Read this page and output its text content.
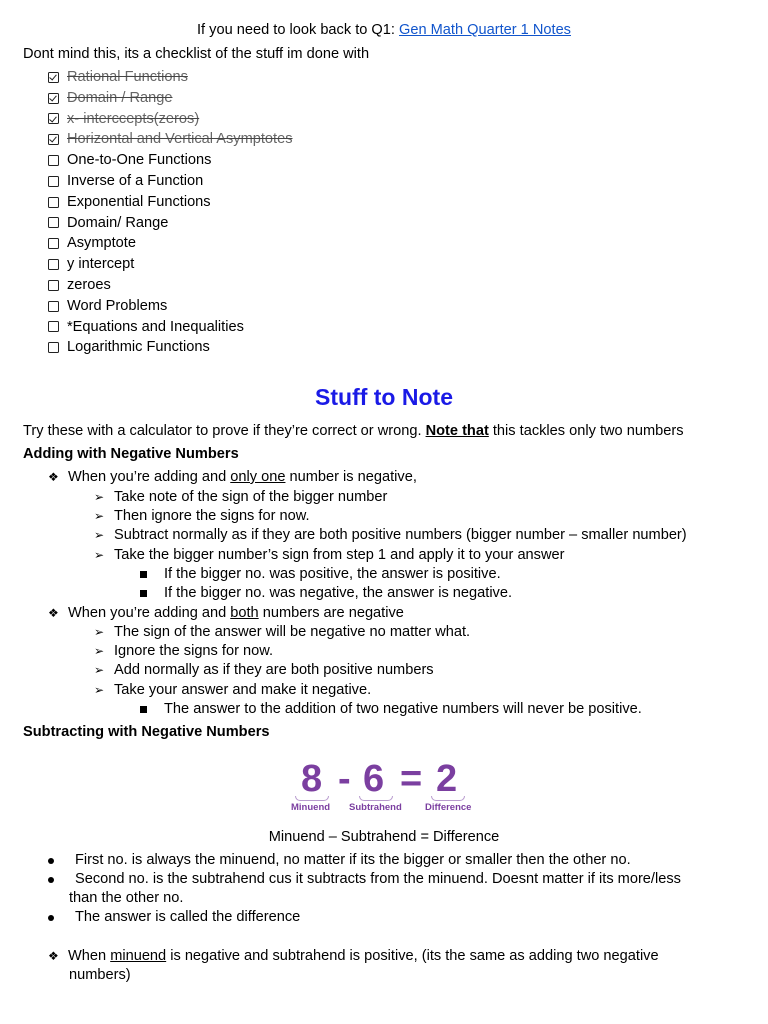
If you need to look back to Q1: Gen Math Quarter 1 Notes
Dont mind this, its a checklist of the stuff im done with
Rational Functions
Domain / Range
x- interccepts(zeros)
Horizontal and Vertical Asymptotes
One-to-One Functions
Inverse of a Function
Exponential Functions
Domain/ Range
Asymptote
y intercept
zeroes
Word Problems
*Equations and Inequalities
Logarithmic Functions
Stuff to Note
Try these with a calculator to prove if they’re correct or wrong. Note that this tackles only two numbers
Adding with Negative Numbers
❖ When you’re adding and only one number is negative,
➢ Take note of the sign of the bigger number
➢ Then ignore the signs for now.
➢ Subtract normally as if they are both positive numbers (bigger number – smaller number)
➢ Take the bigger number’s sign from step 1 and apply it to your answer
If the bigger no. was positive, the answer is positive.
If the bigger no. was negative, the answer is negative.
❖ When you’re adding and both numbers are negative
➢ The sign of the answer will be negative no matter what.
➢ Ignore the signs for now.
➢ Add normally as if they are both positive numbers
➢ Take your answer and make it negative.
The answer to the addition of two negative numbers will never be positive.
Subtracting with Negative Numbers
8 - 6 = 2
Minuend Subtrahend Difference
Minuend – Subtrahend = Difference
First no. is always the minuend, no matter if its the bigger or smaller then the other no.
Second no. is the subtrahend cus it subtracts from the minuend. Doesnt matter if its more/less
than the other no.
The answer is called the difference
❖ When minuend is negative and subtrahend is positive, (its the same as adding two negative
numbers)
